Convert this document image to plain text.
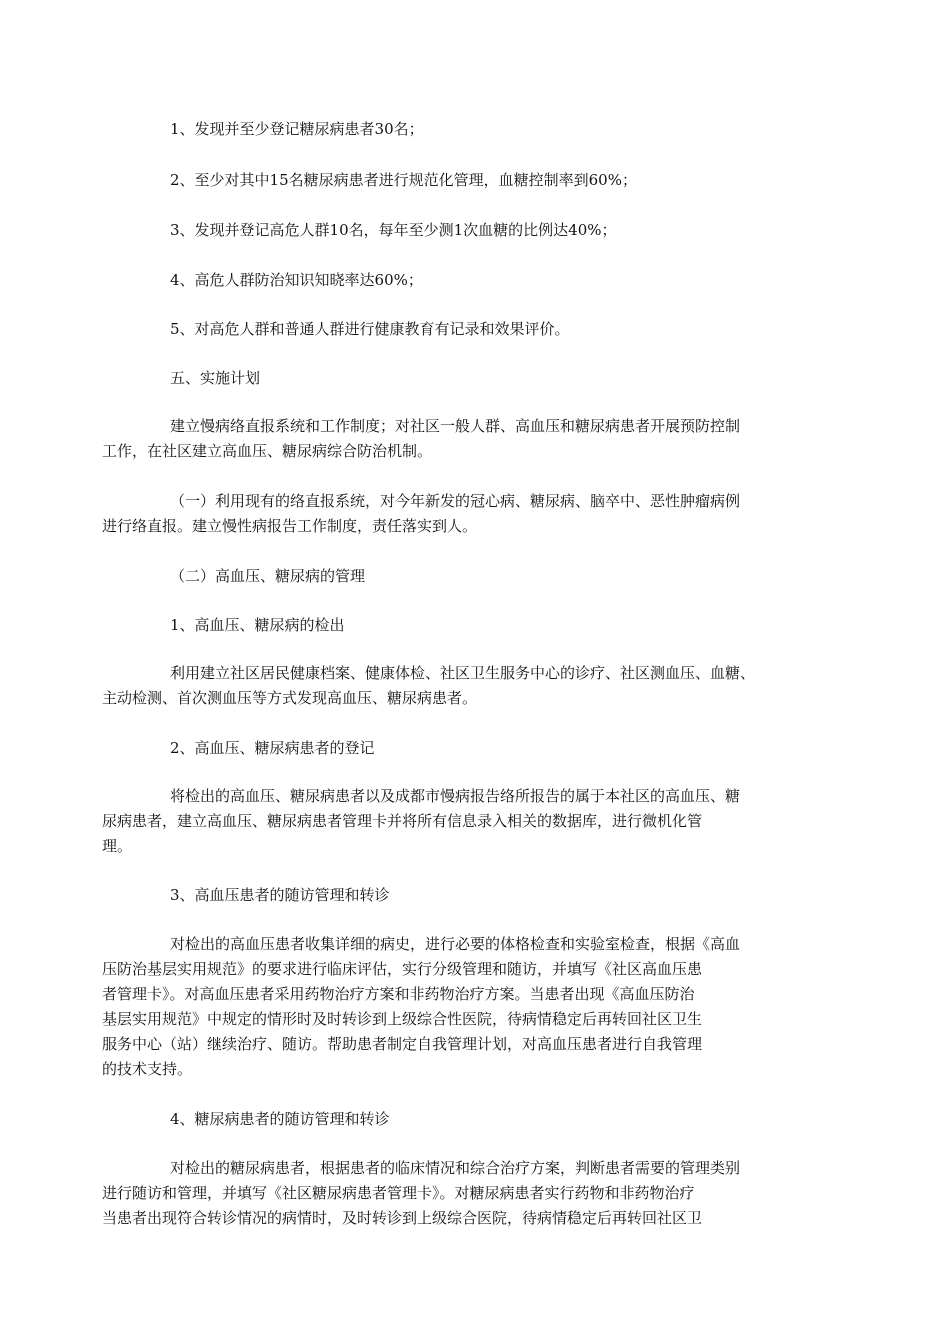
1、发现并至少登记糖尿病患者30名；

2、至少对其中15名糖尿病患者进行规范化管理，血糖控制率到60%；

3、发现并登记高危人群10名，每年至少测1次血糖的比例达40%；

4、高危人群防治知识知晓率达60%；

5、对高危人群和普通人群进行健康教育有记录和效果评价。

五、实施计划

建立慢病络直报系统和工作制度；对社区一般人群、高血压和糖尿病患者开展预防控制
工作，在社区建立高血压、糖尿病综合防治机制。

（一）利用现有的络直报系统，对今年新发的冠心病、糖尿病、脑卒中、恶性肿瘤病例
进行络直报。建立慢性病报告工作制度，责任落实到人。

（二）高血压、糖尿病的管理

1、高血压、糖尿病的检出

利用建立社区居民健康档案、健康体检、社区卫生服务中心的诊疗、社区测血压、血糖、
主动检测、首次测血压等方式发现高血压、糖尿病患者。

2、高血压、糖尿病患者的登记

将检出的高血压、糖尿病患者以及成都市慢病报告络所报告的属于本社区的高血压、糖
尿病患者，建立高血压、糖尿病患者管理卡并将所有信息录入相关的数据库，进行微机化管
理。

3、高血压患者的随访管理和转诊

对检出的高血压患者收集详细的病史，进行必要的体格检查和实验室检查，根据《高血
压防治基层实用规范》的要求进行临床评估，实行分级管理和随访，并填写《社区高血压患
者管理卡》。对高血压患者采用药物治疗方案和非药物治疗方案。当患者出现《高血压防治
基层实用规范》中规定的情形时及时转诊到上级综合性医院，待病情稳定后再转回社区卫生
服务中心（站）继续治疗、随访。帮助患者制定自我管理计划，对高血压患者进行自我管理
的技术支持。

4、糖尿病患者的随访管理和转诊

对检出的糖尿病患者，根据患者的临床情况和综合治疗方案，判断患者需要的管理类别
进行随访和管理，并填写《社区糖尿病患者管理卡》。对糖尿病患者实行药物和非药物治疗
当患者出现符合转诊情况的病情时，及时转诊到上级综合医院，待病情稳定后再转回社区卫
